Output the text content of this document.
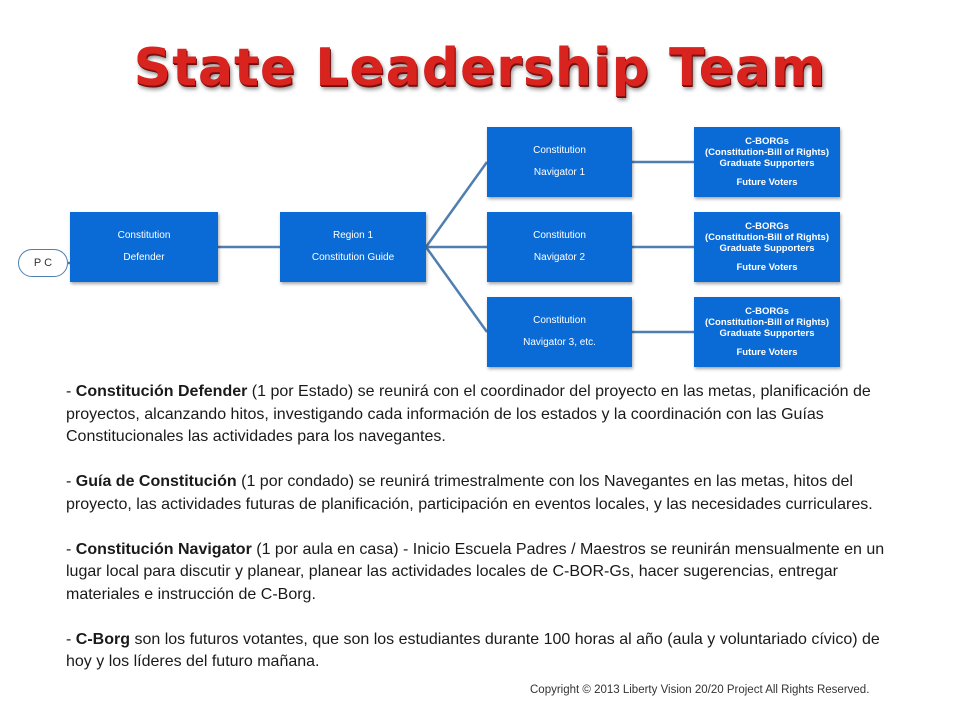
State Leadership Team
P C
Constitution
Defender
Region 1
Constitution Guide
Constitution
Navigator 1
Constitution
Navigator 2
Constitution
Navigator 3, etc.
C-BORGs
(Constitution-Bill of Rights) Graduate Supporters
Future Voters
C-BORGs
(Constitution-Bill of Rights) Graduate Supporters
Future Voters
C-BORGs
(Constitution-Bill of Rights) Graduate Supporters
Future Voters

- Constitución Defender (1 por Estado) se reunirá con el coordinador del proyecto en las metas, planificación de proyectos, alcanzando hitos, investigando cada información de los estados y la coordinación con las Guías Constitucionales las actividades para los navegantes.

- Guía de Constitución (1 por condado) se reunirá trimestralmente con los Navegantes en las metas, hitos del proyecto, las actividades futuras de planificación, participación en eventos locales, y las necesidades curriculares.

- Constitución Navigator (1 por aula en casa) - Inicio Escuela Padres / Maestros se reunirán mensualmente en un lugar local para discutir y planear, planear las actividades locales de C-BOR-Gs, hacer sugerencias, entregar materiales e instrucción de C-Borg.

- C-Borg son los futuros votantes, que son los estudiantes durante 100 horas al año (aula y voluntariado cívico) de hoy y los líderes del futuro mañana.

Copyright © 2013 Liberty Vision 20/20 Project All Rights Reserved.
